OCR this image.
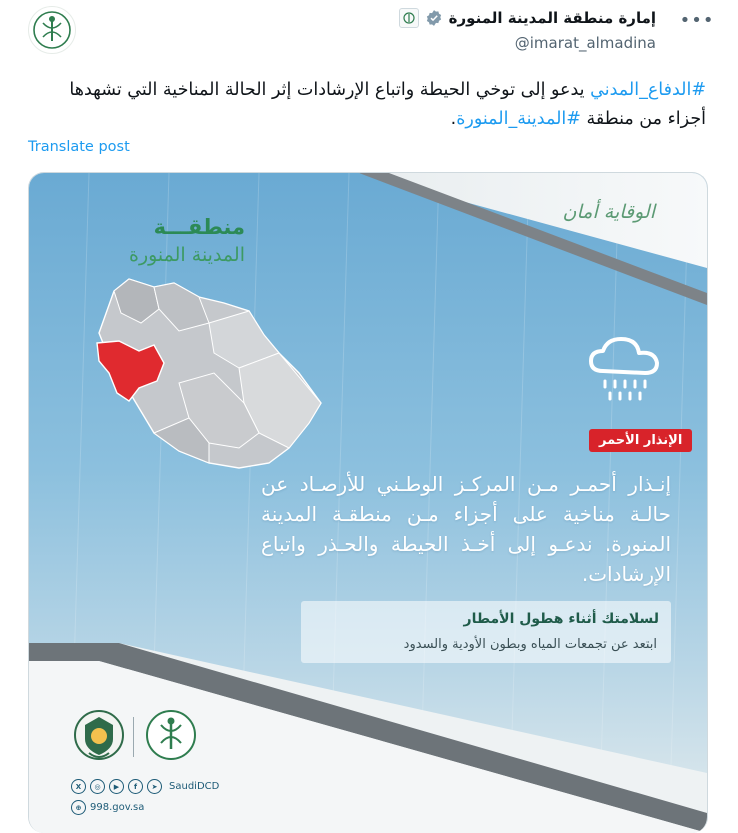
إمارة منطقة المدينة المنورة
@imarat_almadina
•••
#الدفاع_المدني يدعو إلى توخي الحيطة واتباع الإرشادات إثر الحالة المناخية التي تشهدها أجزاء من منطقة #المدينة_المنورة.
Translate post
منطقـــة
المدينة المنورة
الوقاية أمان
الإنذار الأحمر
إنـذار أحمـر مـن المركـز الوطـني للأرصـاد عن حالـة مناخية على أجزاء مـن منطقـة المدينة المنورة. ندعـو إلى أخـذ الحيطة والحـذر واتباع الإرشادات.
لسلامتك أثناء هطول الأمطار
ابتعد عن تجمعات المياه وبطون الأودية والسدود
X	◎	▶	f	➤	SaudiDCD
⊕ 998.gov.sa
